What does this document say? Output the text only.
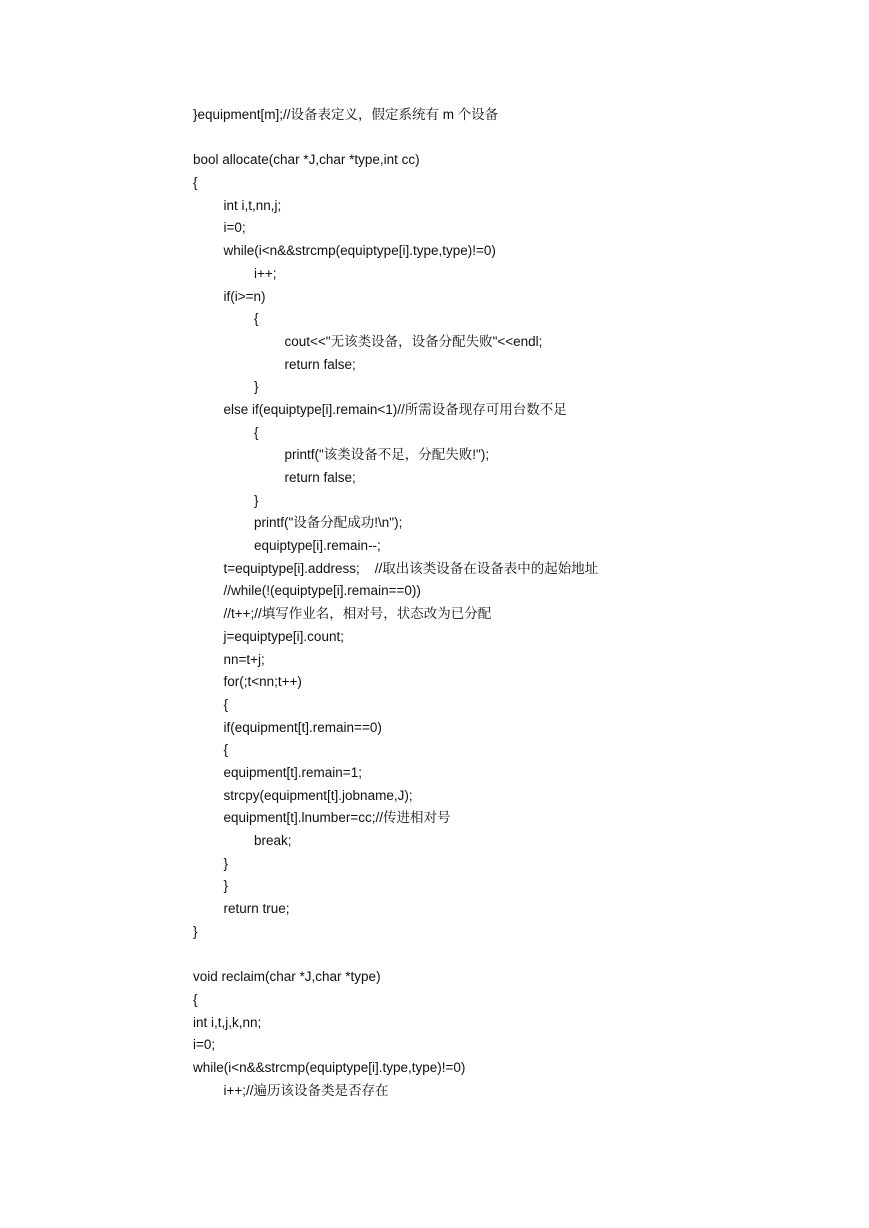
}equipment[m];//设备表定义，假定系统有 m 个设备
bool allocate(char *J,char *type,int cc)
{
int i,t,nn,j;
i=0;
while(i<n&&strcmp(equiptype[i].type,type)!=0)
i++;
if(i>=n)
{
cout<<"无该类设备，设备分配失败"<<endl;
return false;
}
else if(equiptype[i].remain<1)//所需设备现存可用台数不足
{
printf("该类设备不足，分配失败!");
return false;
}
printf("设备分配成功!\n");
equiptype[i].remain--;
t=equiptype[i].address;    //取出该类设备在设备表中的起始地址
//while(!(equiptype[i].remain==0))
//t++;//填写作业名，相对号，状态改为已分配
j=equiptype[i].count;
nn=t+j;
for(;t<nn;t++)
{
if(equipment[t].remain==0)
{
equipment[t].remain=1;
strcpy(equipment[t].jobname,J);
equipment[t].lnumber=cc;//传进相对号
break;
}
}
return true;
}
void reclaim(char *J,char *type)
{
int i,t,j,k,nn;
i=0;
while(i<n&&strcmp(equiptype[i].type,type)!=0)
i++;//遍历该设备类是否存在
